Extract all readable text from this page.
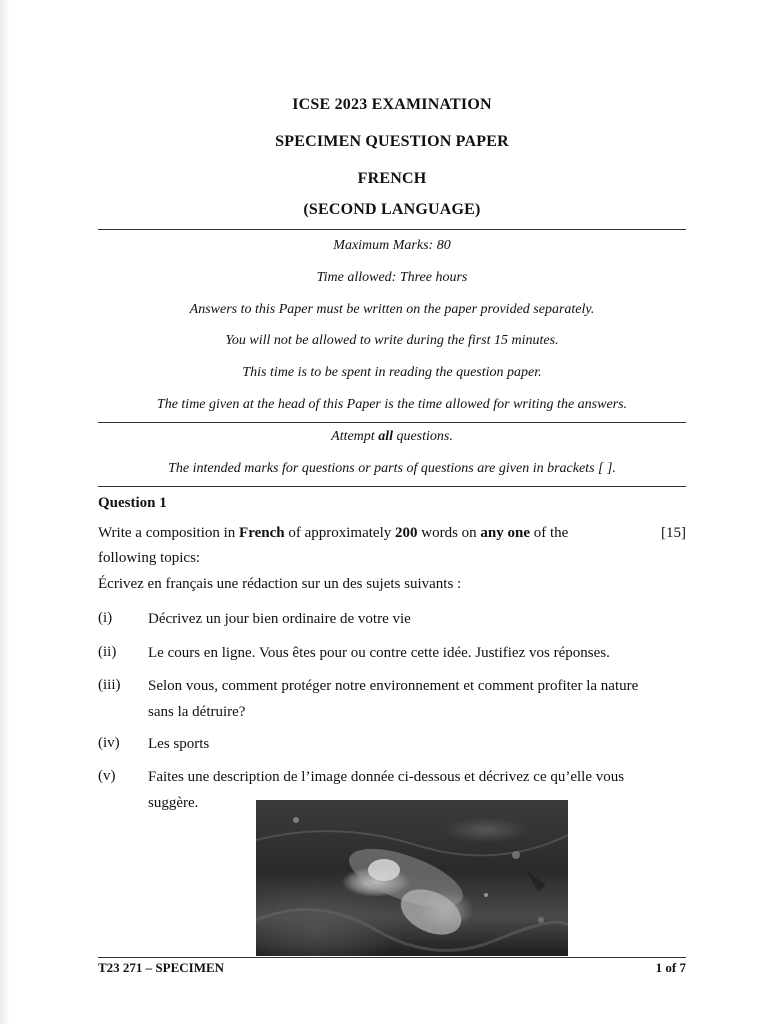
ICSE 2023 EXAMINATION
SPECIMEN QUESTION PAPER
FRENCH
(SECOND LANGUAGE)
Maximum Marks: 80
Time allowed: Three hours
Answers to this Paper must be written on the paper provided separately.
You will not be allowed to write during the first 15 minutes.
This time is to be spent in reading the question paper.
The time given at the head of this Paper is the time allowed for writing the answers.
Attempt all questions.
The intended marks for questions or parts of questions are given in brackets [ ].
Question 1
Write a composition in French of approximately 200 words on any one of the following topics:
[15]
Écrivez en français une rédaction sur un des sujets suivants :
(i) Décrivez un jour bien ordinaire de votre vie
(ii) Le cours en ligne. Vous êtes pour ou contre cette idée. Justifiez vos réponses.
(iii) Selon vous, comment protéger notre environnement et comment profiter la nature sans la détruire?
(iv) Les sports
(v) Faites une description de l’image donnée ci-dessous et décrivez ce qu’elle vous suggère.
T23 271 – SPECIMEN	1 of 7
